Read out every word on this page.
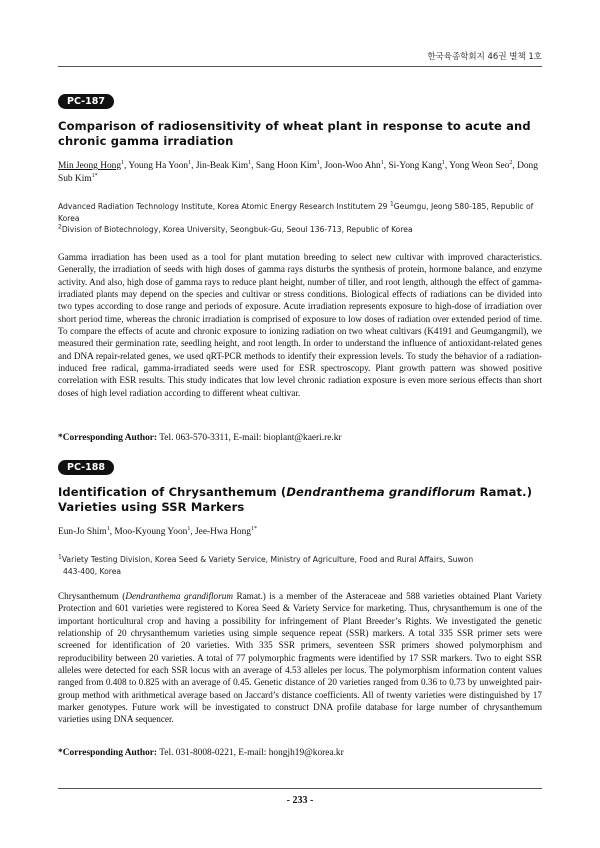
한국육종학회지 46권 별책 1호
PC-187
Comparison of radiosensitivity of wheat plant in response to acute and chronic gamma irradiation
Min Jeong Hong$^1$, Young Ha Yoon$^1$, Jin-Beak Kim$^1$, Sang Hoon Kim$^1$, Joon-Woo Ahn$^1$, Si-Yong Kang$^1$, Yong Weon Seo$^2$, Dong Sub Kim$^{1*}$
Advanced Radiation Technology Institute, Korea Atomic Energy Research Institutem 29 $^1$Geumgu, Jeong 580-185, Republic of Korea
$^2$Division of Biotechnology, Korea University, Seongbuk-Gu, Seoul 136-713, Republic of Korea
Gamma irradiation has been used as a tool for plant mutation breeding to select new cultivar with improved characteristics. Generally, the irradiation of seeds with high doses of gamma rays disturbs the synthesis of protein, hormone balance, and enzyme activity. And also, high dose of gamma rays to reduce plant height, number of tiller, and root length, although the effect of gamma-irradiated plants may depend on the species and cultivar or stress conditions. Biological effects of radiations can be divided into two types according to dose range and periods of exposure. Acute irradiation represents exposure to high-dose of irradiation over short period time, whereas the chronic irradiation is comprised of exposure to low doses of radiation over extended period of time. To compare the effects of acute and chronic exposure to ionizing radiation on two wheat cultivars (K4191 and Geumgangmil), we measured their germination rate, seedling height, and root length. In order to understand the influence of antioxidant-related genes and DNA repair-related genes, we used qRT-PCR methods to identify their expression levels. To study the behavior of a radiation-induced free radical, gamma-irradiated seeds were used for ESR spectroscopy. Plant growth pattern was showed positive correlation with ESR results. This study indicates that low level chronic radiation exposure is even more serious effects than short doses of high level radiation according to different wheat cultivar.
*Corresponding Author: Tel. 063-570-3311, E-mail: bioplant@kaeri.re.kr
PC-188
Identification of Chrysanthemum (Dendranthema grandiflorum Ramat.) Varieties using SSR Markers
Eun-Jo Shim$^1$, Moo-Kyoung Yoon$^1$, Jee-Hwa Hong$^{1*}$
$^1$Variety Testing Division, Korea Seed & Variety Service, Ministry of Agriculture, Food and Rural Affairs, Suwon
443-400, Korea
Chrysanthemum (Dendranthema grandiflorum Ramat.) is a member of the Asteraceae and 588 varieties obtained Plant Variety Protection and 601 varieties were registered to Korea Seed & Variety Service for marketing. Thus, chrysanthemum is one of the important horticultural crop and having a possibility for infringement of Plant Breeder’s Rights. We investigated the genetic relationship of 20 chrysanthemum varieties using simple sequence repeat (SSR) markers. A total 335 SSR primer sets were screened for identification of 20 varieties. With 335 SSR primers, seventeen SSR primers showed polymorphism and reproducibility between 20 varieties. A total of 77 polymorphic fragments were identified by 17 SSR markers. Two to eight SSR alleles were detected for each SSR locus with an average of 4.53 alleles per locus. The polymorphism information content values ranged from 0.408 to 0.825 with an average of 0.45. Genetic distance of 20 varieties ranged from 0.36 to 0.73 by unweighted pair-group method with arithmetical average based on Jaccard’s distance coefficients. All of twenty varieties were distinguished by 17 marker genotypes. Future work will be investigated to construct DNA profile database for large number of chrysanthemum varieties using DNA sequencer.
*Corresponding Author: Tel. 031-8008-0221, E-mail: hongjh19@korea.kr
- 233 -
